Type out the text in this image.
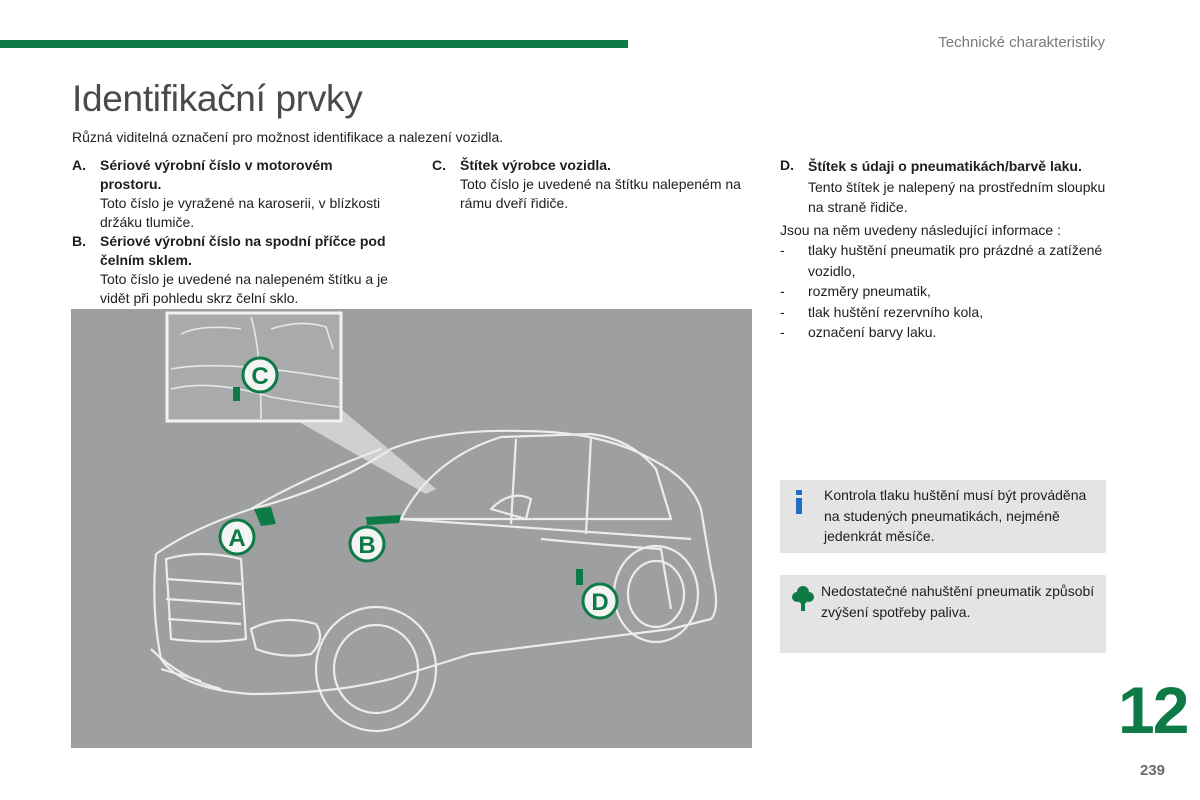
Technické charakteristiky
Identifikační prvky
Různá viditelná označení pro možnost identifikace a nalezení vozidla.
A.	Sériové výrobní číslo v motorovém prostoru.
Toto číslo je vyražené na karoserii, v blízkosti držáku tlumiče.
B.	Sériové výrobní číslo na spodní příčce pod čelním sklem.
Toto číslo je uvedené na nalepeném štítku a je vidět při pohledu skrz čelní sklo.
C.	Štítek výrobce vozidla.
Toto číslo je uvedené na štítku nalepeném na rámu dveří řidiče.
D.	Štítek s údaji o pneumatikách/barvě laku.
Tento štítek je nalepený na prostředním sloupku na straně řidiče.
Jsou na něm uvedeny následující informace :
-	tlaky huštění pneumatik pro prázdné a zatížené vozidlo,
-	rozměry pneumatik,
-	tlak huštění rezervního kola,
-	označení barvy laku.
A	B
C
D
Kontrola tlaku huštění musí být prováděna na studených pneumatikách, nejméně jedenkrát měsíče.
Nedostatečné nahuštění pneumatik způsobí zvýšení spotřeby paliva.
12
239
